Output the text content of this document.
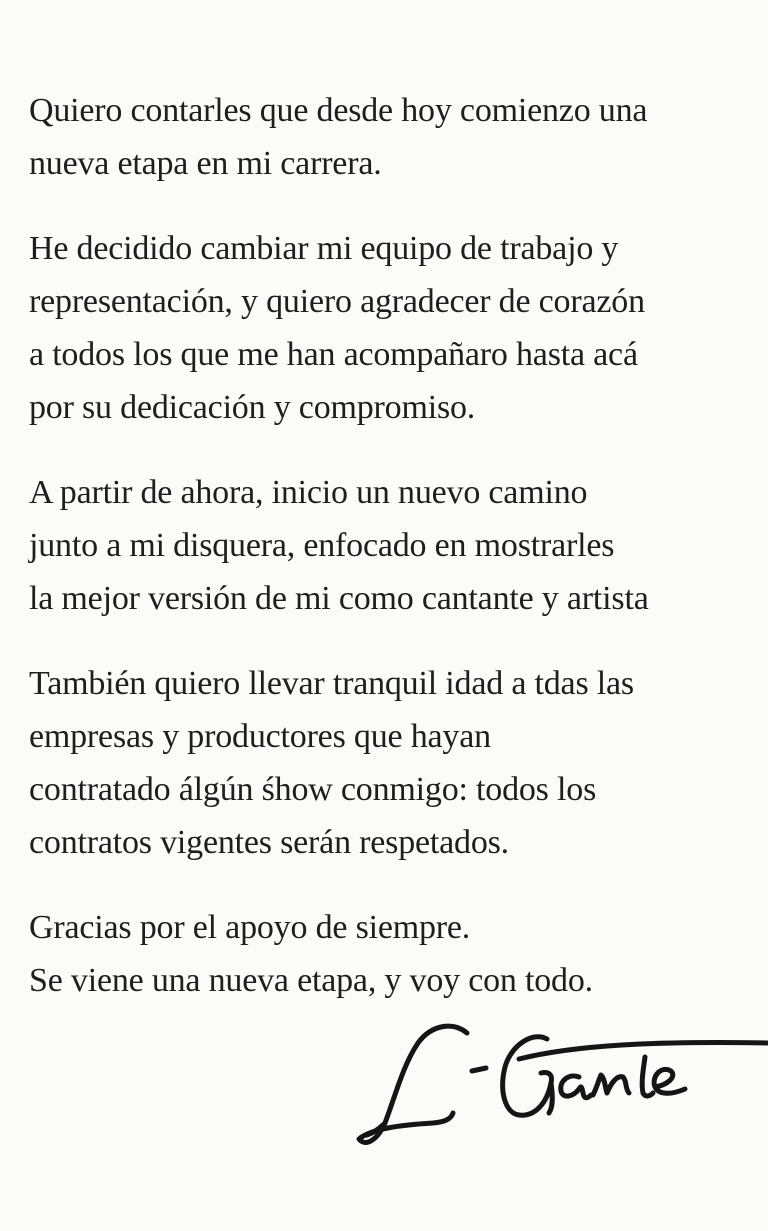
Quiero contarles que desde hoy comienzo una
nueva etapa en mi carrera.
He decidido cambiar mi equipo de trabajo y
representación, y quiero agradecer de corazón
a todos los que me han acompañaro hasta acá
por su dedicación y compromiso.
A partir de ahora, inicio un nuevo camino
junto a mi disquera, enfocado en mostrarles
la mejor versión de mi como cantante y artista
También quiero llevar tranquil idad a tdas las
empresas y productores que hayan
contratado álgún śhow conmigo: todos los
contratos vigentes serán respetados.
Gracias por el apoyo de siempre.
Se viene una nueva etapa, y voy con todo.
